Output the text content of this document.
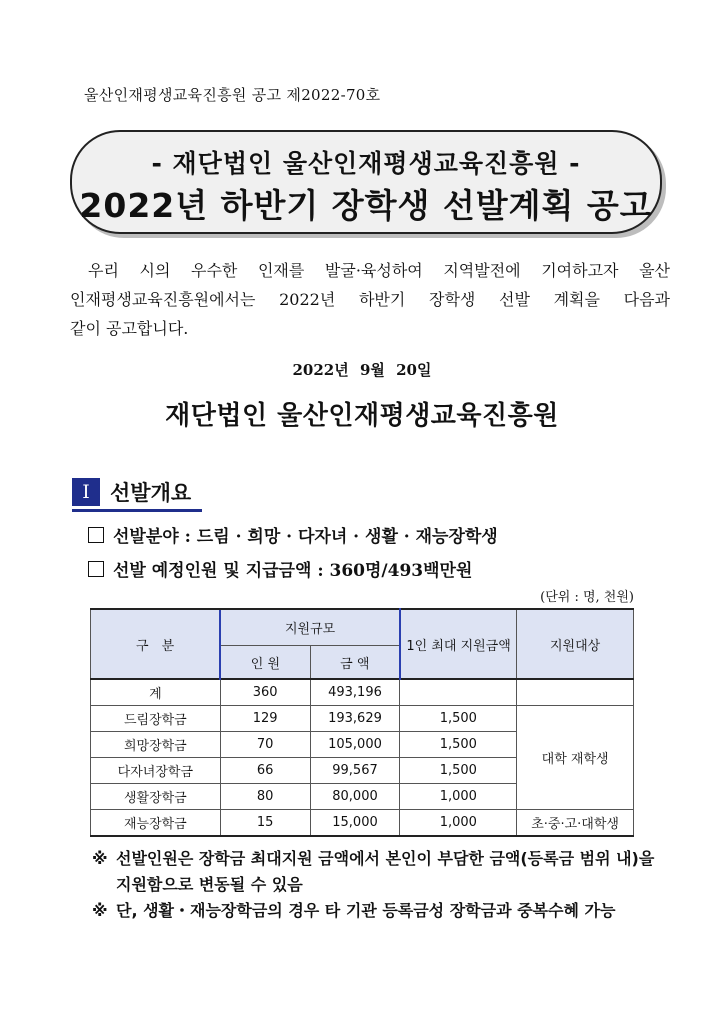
울산인재평생교육진흥원 공고 제2022-70호
- 재단법인 울산인재평생교육진흥원 -
2022년 하반기 장학생 선발계획 공고
우리 시의 우수한 인재를 발굴·육성하여 지역발전에 기여하고자 울산
인재평생교육진흥원에서는 2022년 하반기 장학생 선발 계획을 다음과
같이 공고합니다.
2022년 9월 20일
재단법인 울산인재평생교육진흥원
I 선발개요
선발분야 : 드림 · 희망 · 다자녀 · 생활 · 재능장학생
선발 예정인원 및 지급금액 : 360명/493백만원
(단위 : 명, 천원)
구　분	지원규모		1인 최대 지원금액	지원대상
	인 원	금 액		
계	360	493,196		
드림장학금	129	193,629	1,500	대학 재학생
희망장학금	70	105,000	1,500	
다자녀장학금	66	99,567	1,500	
생활장학금	80	80,000	1,000	
재능장학금	15	15,000	1,000	초·중·고·대학생
※ 선발인원은 장학금 최대지원 금액에서 본인이 부담한 금액(등록금 범위 내)을 지원함으로 변동될 수 있음
※ 단, 생활・재능장학금의 경우 타 기관 등록금성 장학금과 중복수혜 가능
